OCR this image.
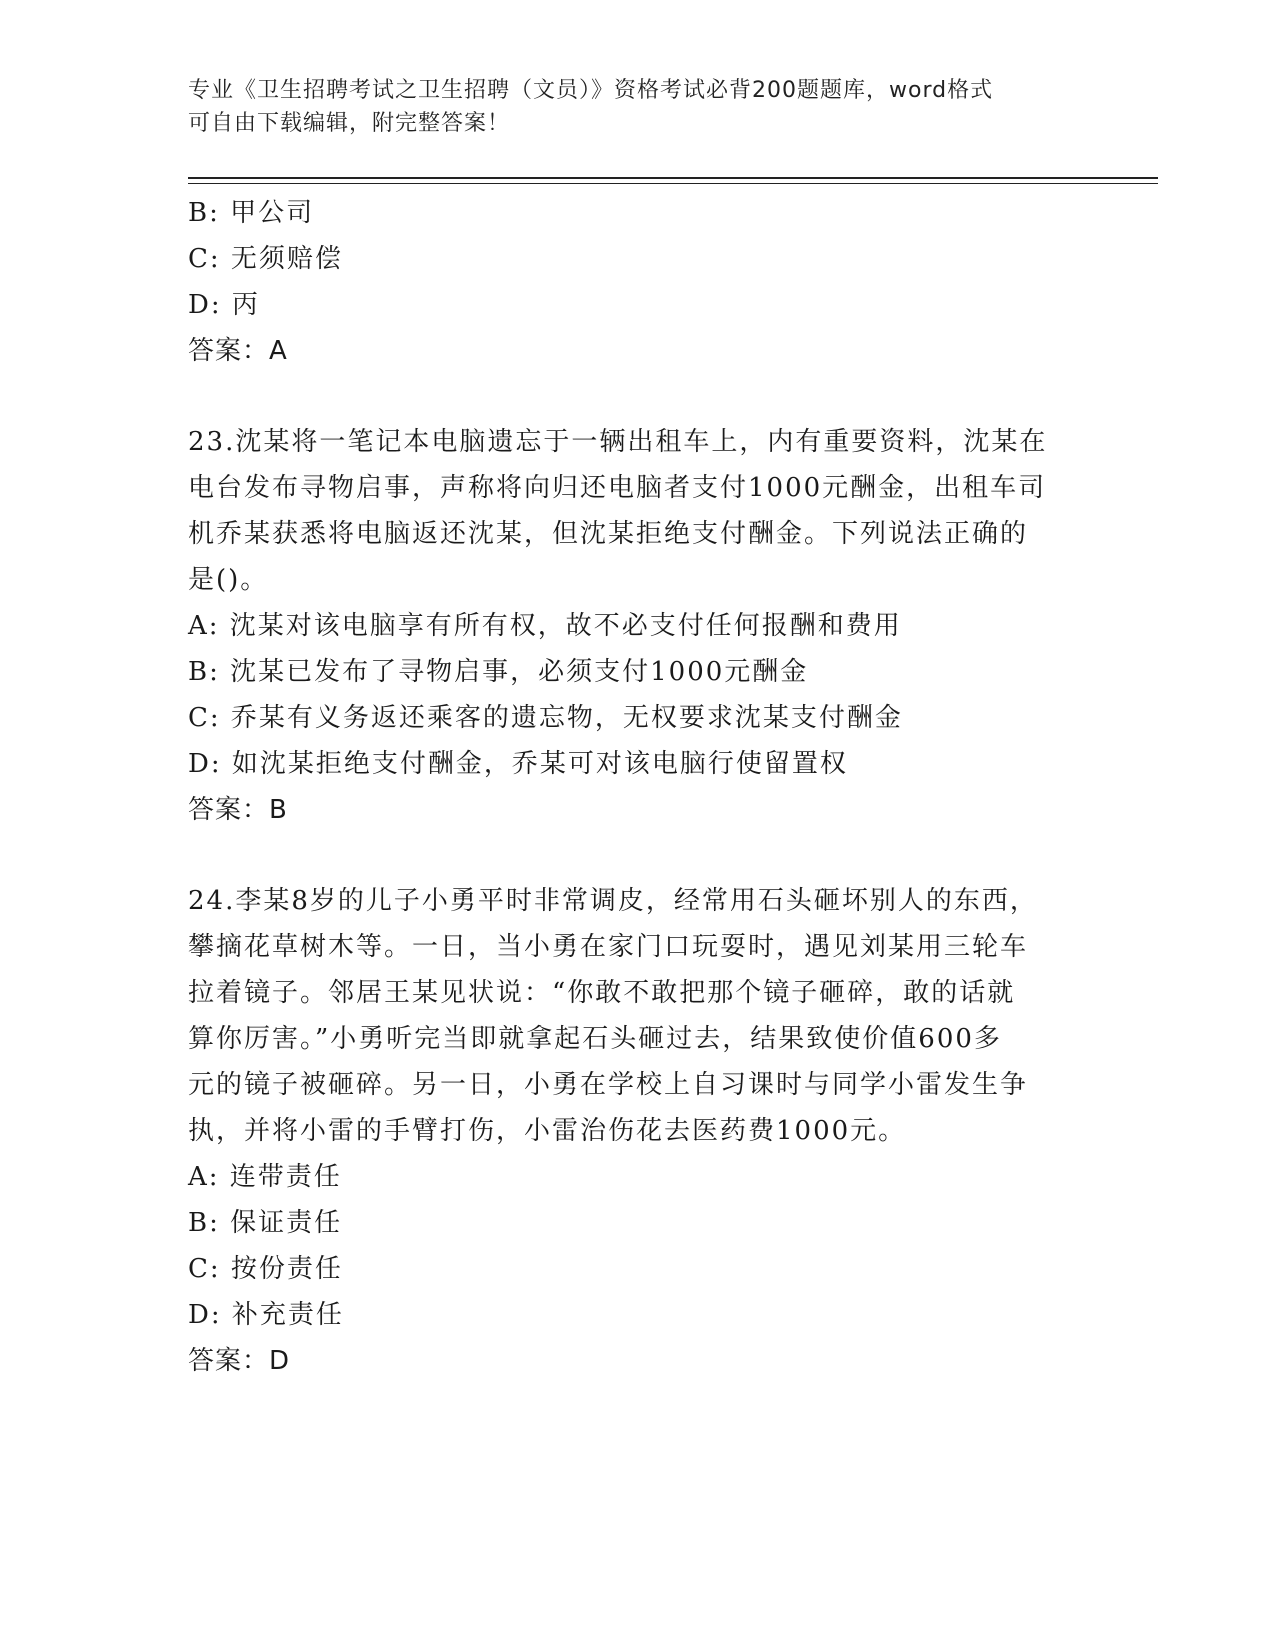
专业《卫生招聘考试之卫生招聘（文员）》资格考试必背200题题库，word格式
可自由下载编辑，附完整答案！
B: 甲公司
C: 无须赔偿
D: 丙
答案：A
23.沈某将一笔记本电脑遗忘于一辆出租车上，内有重要资料，沈某在
电台发布寻物启事，声称将向归还电脑者支付1000元酬金，出租车司
机乔某获悉将电脑返还沈某，但沈某拒绝支付酬金。下列说法正确的
是()。
A: 沈某对该电脑享有所有权，故不必支付任何报酬和费用
B: 沈某已发布了寻物启事，必须支付1000元酬金
C: 乔某有义务返还乘客的遗忘物，无权要求沈某支付酬金
D: 如沈某拒绝支付酬金，乔某可对该电脑行使留置权
答案：B
24.李某8岁的儿子小勇平时非常调皮，经常用石头砸坏别人的东西，
攀摘花草树木等。一日，当小勇在家门口玩耍时，遇见刘某用三轮车
拉着镜子。邻居王某见状说：“你敢不敢把那个镜子砸碎，敢的话就
算你厉害。”小勇听完当即就拿起石头砸过去，结果致使价值600多
元的镜子被砸碎。另一日，小勇在学校上自习课时与同学小雷发生争
执，并将小雷的手臂打伤，小雷治伤花去医药费1000元。
A: 连带责任
B: 保证责任
C: 按份责任
D: 补充责任
答案：D
